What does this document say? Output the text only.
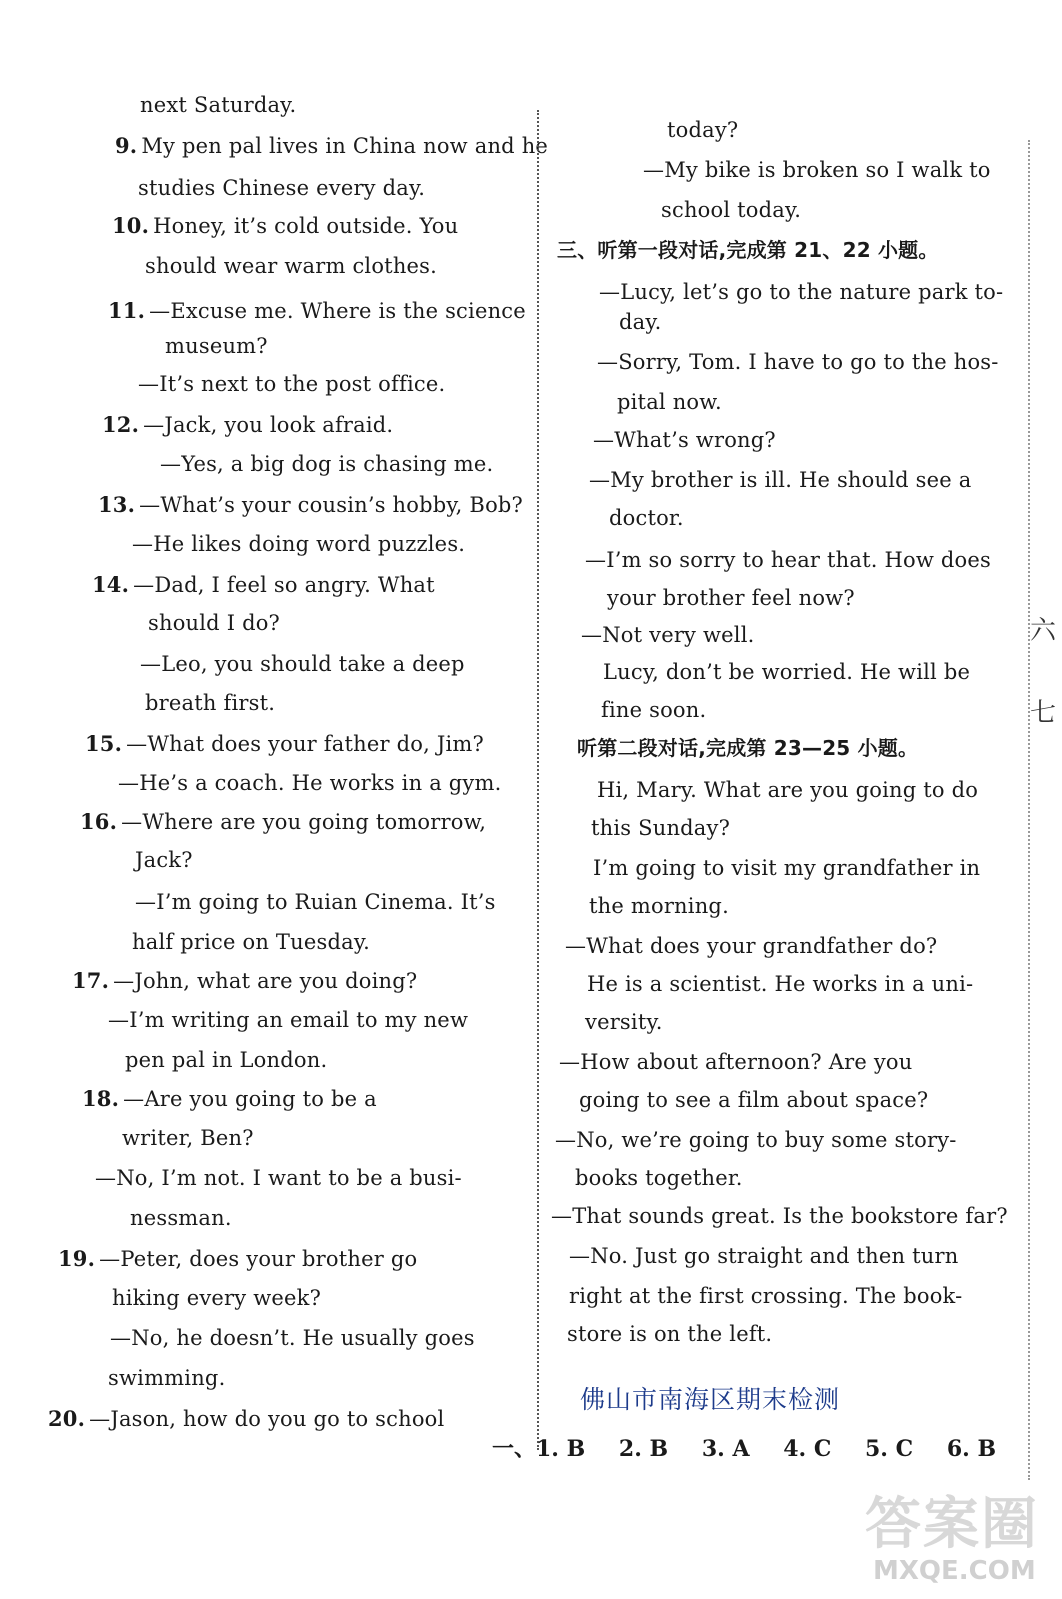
next Saturday.
9. My pen pal lives in China now and he
studies Chinese every day.
10. Honey, it’s cold outside. You
should wear warm clothes.
11. —Excuse me. Where is the science
museum?
—It’s next to the post office.
12. —Jack, you look afraid.
—Yes, a big dog is chasing me.
13. —What’s your cousin’s hobby, Bob?
—He likes doing word puzzles.
14. —Dad, I feel so angry. What
should I do?
—Leo, you should take a deep
breath first.
15. —What does your father do, Jim?
—He’s a coach. He works in a gym.
16. —Where are you going tomorrow,
Jack?
—I’m going to Ruian Cinema. It’s
half price on Tuesday.
17. —John, what are you doing?
—I’m writing an email to my new
pen pal in London.
18. —Are you going to be a
writer, Ben?
—No, I’m not. I want to be a busi-
nessman.
19. —Peter, does your brother go
hiking every week?
—No, he doesn’t. He usually goes
swimming.
20. —Jason, how do you go to school
today?
—My bike is broken so I walk to
school today.
三、听第一段对话,完成第 21、22 小题。
—Lucy, let’s go to the nature park to-
day.
—Sorry, Tom. I have to go to the hos-
pital now.
—What’s wrong?
—My brother is ill. He should see a
doctor.
—I’m so sorry to hear that. How does
your brother feel now?
—Not very well.
Lucy, don’t be worried. He will be
fine soon.
听第二段对话,完成第 23—25 小题。
Hi, Mary. What are you going to do
this Sunday?
I’m going to visit my grandfather in
the morning.
—What does your grandfather do?
He is a scientist. He works in a uni-
versity.
—How about afternoon? Are you
going to see a film about space?
—No, we’re going to buy some story-
books together.
—That sounds great. Is the bookstore far?
—No. Just go straight and then turn
right at the first crossing. The book-
store is on the left.
佛山市南海区期末检测
一、1. B 2. B 3. A 4. C 5. C 6. B
六
七
答案圈
MXQE.COM
